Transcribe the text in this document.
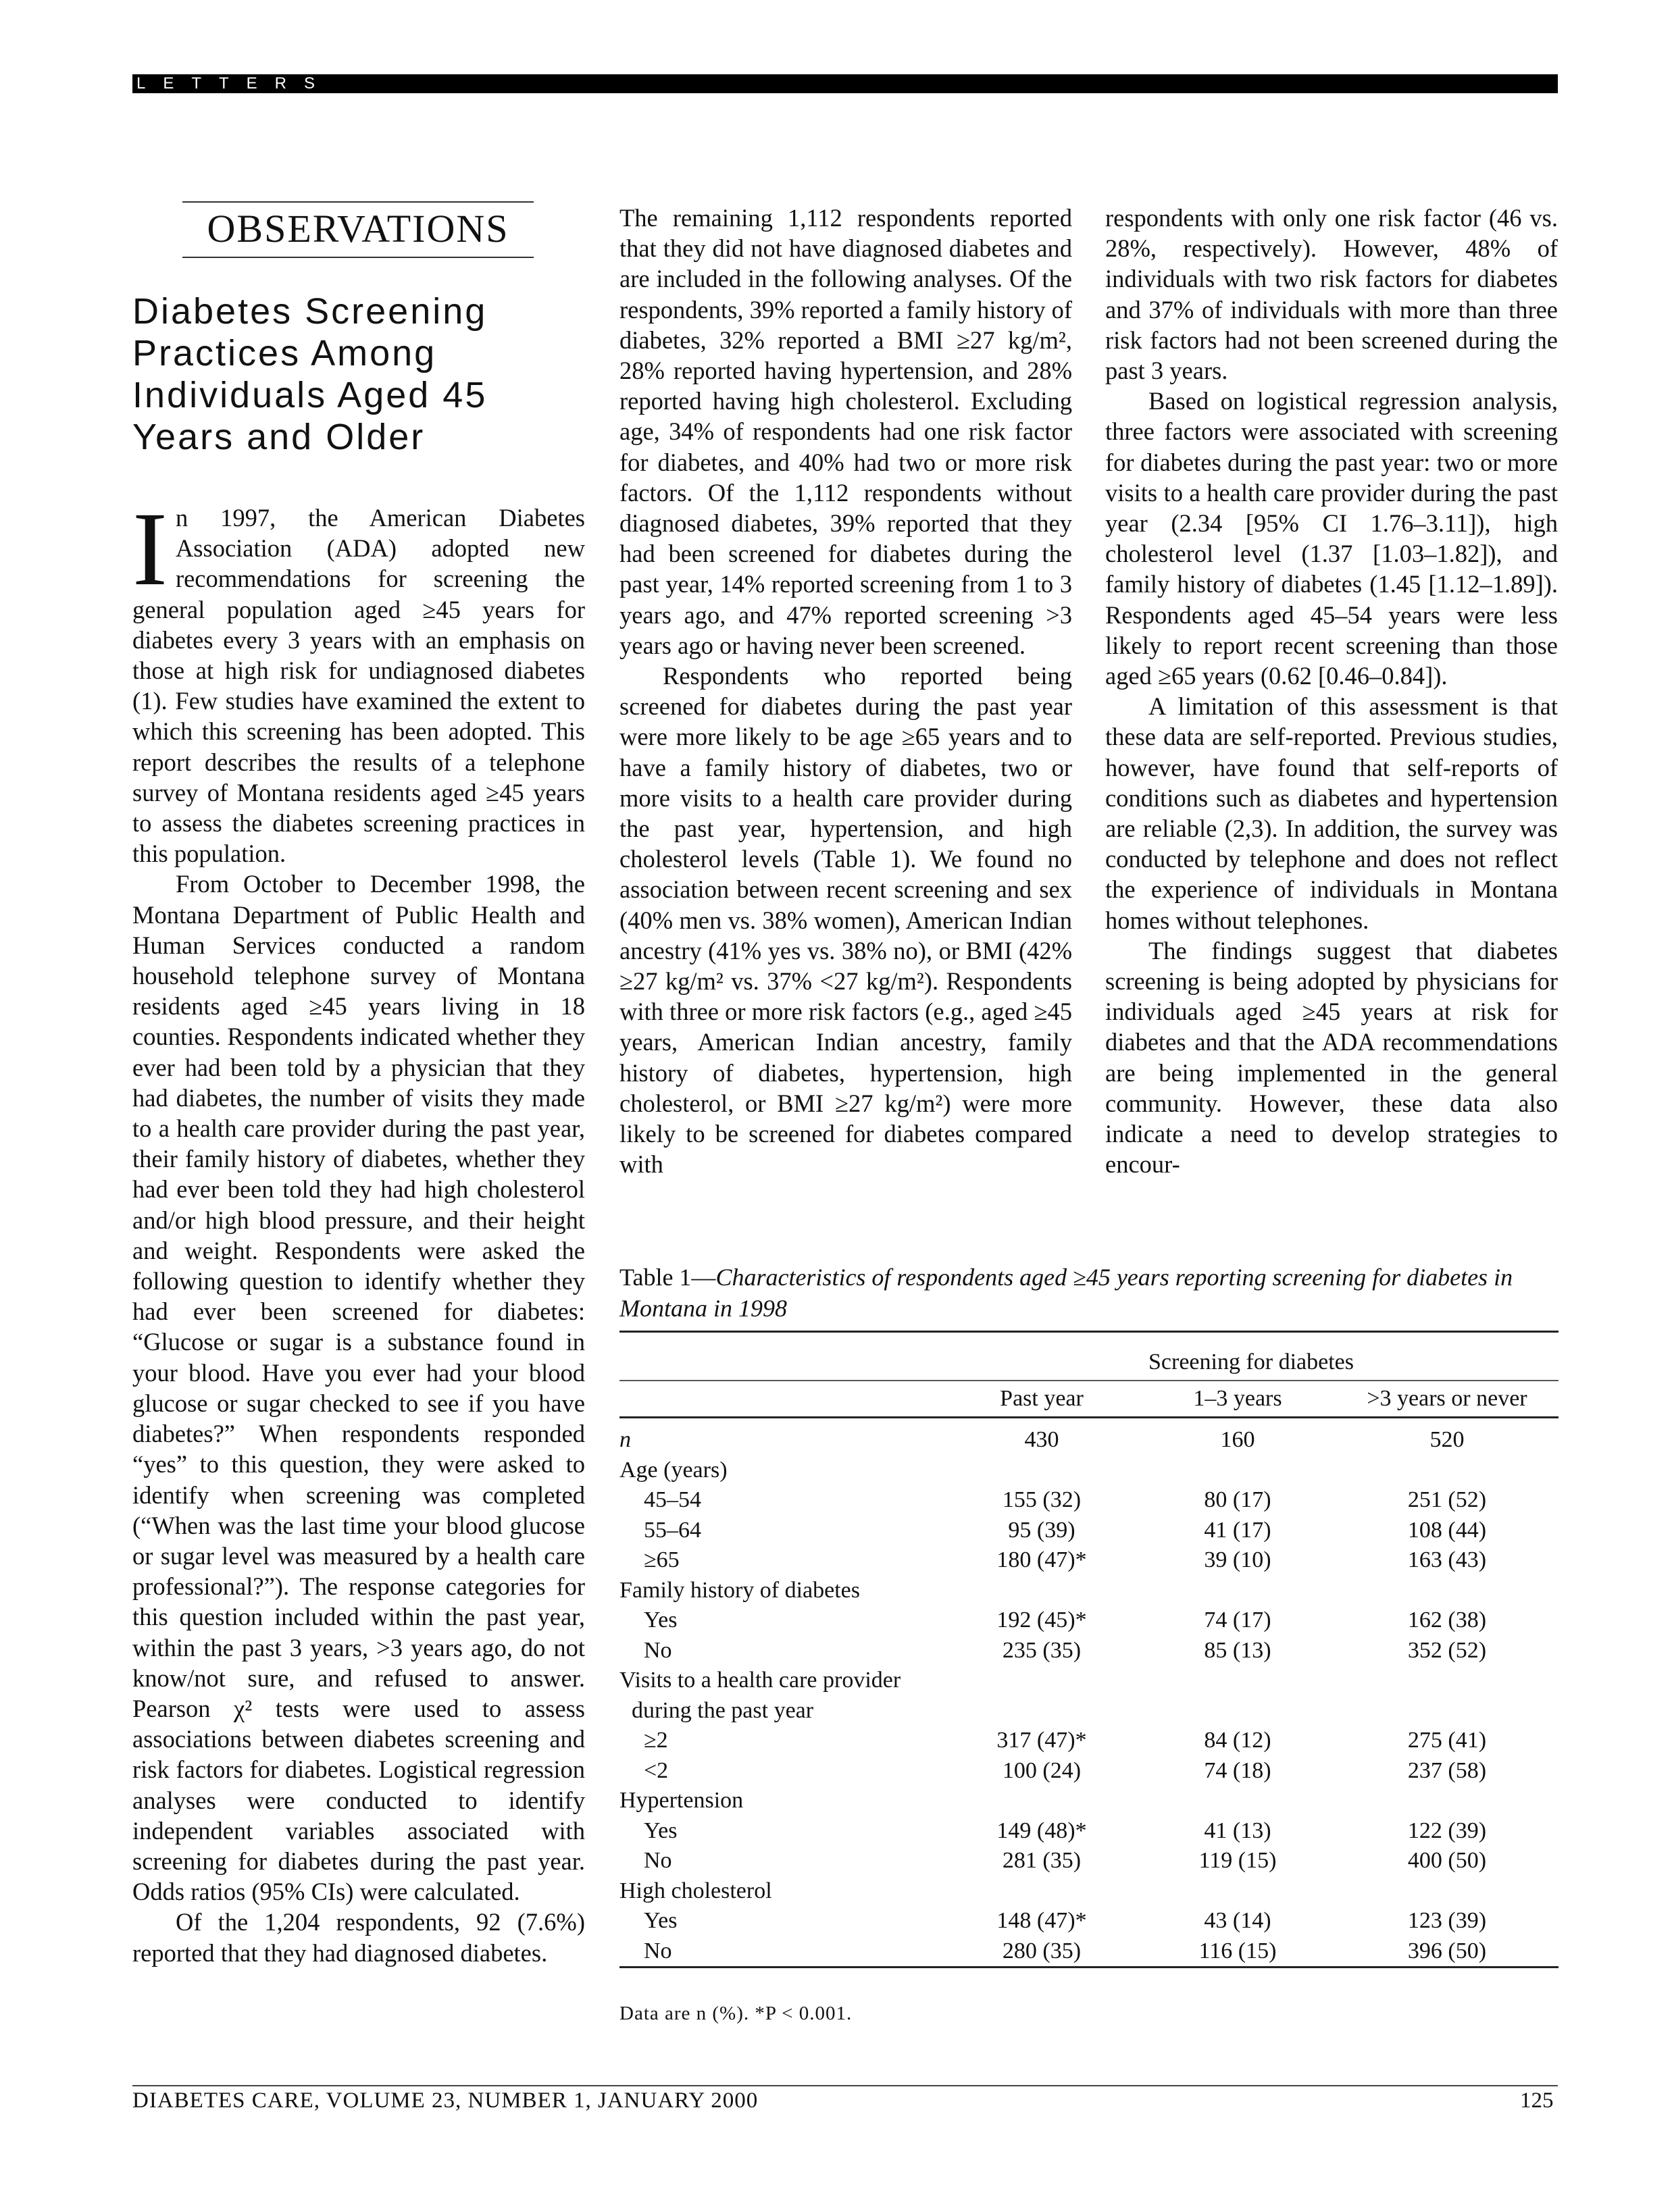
LETTERS
OBSERVATIONS
Diabetes Screening Practices Among Individuals Aged 45 Years and Older

In 1997, the American Diabetes Association (ADA) adopted new recommendations for screening the general population aged ≥45 years for diabetes every 3 years with an emphasis on those at high risk for undiagnosed diabetes (1). Few studies have examined the extent to which this screening has been adopted. This report describes the results of a telephone survey of Montana residents aged ≥45 years to assess the diabetes screening practices in this population.

From October to December 1998, the Montana Department of Public Health and Human Services conducted a random household telephone survey of Montana residents aged ≥45 years living in 18 counties. Respondents indicated whether they ever had been told by a physician that they had diabetes, the number of visits they made to a health care provider during the past year, their family history of diabetes, whether they had ever been told they had high cholesterol and/or high blood pressure, and their height and weight. Respondents were asked the following question to identify whether they had ever been screened for diabetes: “Glucose or sugar is a substance found in your blood. Have you ever had your blood glucose or sugar checked to see if you have diabetes?” When respondents responded “yes” to this question, they were asked to identify when screening was completed (“When was the last time your blood glucose or sugar level was measured by a health care professional?”). The response categories for this question included within the past year, within the past 3 years, >3 years ago, do not know/not sure, and refused to answer. Pearson χ² tests were used to assess associations between diabetes screening and risk factors for diabetes. Logistical regression analyses were conducted to identify independent variables associated with screening for diabetes during the past year. Odds ratios (95% CIs) were calculated.

Of the 1,204 respondents, 92 (7.6%) reported that they had diagnosed diabetes.

The remaining 1,112 respondents reported that they did not have diagnosed diabetes and are included in the following analyses. Of the respondents, 39% reported a family history of diabetes, 32% reported a BMI ≥27 kg/m², 28% reported having hypertension, and 28% reported having high cholesterol. Excluding age, 34% of respondents had one risk factor for diabetes, and 40% had two or more risk factors. Of the 1,112 respondents without diagnosed diabetes, 39% reported that they had been screened for diabetes during the past year, 14% reported screening from 1 to 3 years ago, and 47% reported screening >3 years ago or having never been screened.

Respondents who reported being screened for diabetes during the past year were more likely to be age ≥65 years and to have a family history of diabetes, two or more visits to a health care provider during the past year, hypertension, and high cholesterol levels (Table 1). We found no association between recent screening and sex (40% men vs. 38% women), American Indian ancestry (41% yes vs. 38% no), or BMI (42% ≥27 kg/m² vs. 37% <27 kg/m²). Respondents with three or more risk factors (e.g., aged ≥45 years, American Indian ancestry, family history of diabetes, hypertension, high cholesterol, or BMI ≥27 kg/m²) were more likely to be screened for diabetes compared with

respondents with only one risk factor (46 vs. 28%, respectively). However, 48% of individuals with two risk factors for diabetes and 37% of individuals with more than three risk factors had not been screened during the past 3 years.

Based on logistical regression analysis, three factors were associated with screening for diabetes during the past year: two or more visits to a health care provider during the past year (2.34 [95% CI 1.76–3.11]), high cholesterol level (1.37 [1.03–1.82]), and family history of diabetes (1.45 [1.12–1.89]). Respondents aged 45–54 years were less likely to report recent screening than those aged ≥65 years (0.62 [0.46–0.84]).

A limitation of this assessment is that these data are self-reported. Previous studies, however, have found that self-reports of conditions such as diabetes and hypertension are reliable (2,3). In addition, the survey was conducted by telephone and does not reflect the experience of individuals in Montana homes without telephones.

The findings suggest that diabetes screening is being adopted by physicians for individuals aged ≥45 years at risk for diabetes and that the ADA recommendations are being implemented in the general community. However, these data also indicate a need to develop strategies to encour-

Table 1—Characteristics of respondents aged ≥45 years reporting screening for diabetes in Montana in 1998
	Screening for diabetes		
	Past year	1–3 years	>3 years or never
n	430	160	520
Age (years)			
45–54	155 (32)	80 (17)	251 (52)
55–64	95 (39)	41 (17)	108 (44)
≥65	180 (47)*	39 (10)	163 (43)
Family history of diabetes			
Yes	192 (45)*	74 (17)	162 (38)
No	235 (35)	85 (13)	352 (52)
Visits to a health care provider			
during the past year			
≥2	317 (47)*	84 (12)	275 (41)
<2	100 (24)	74 (18)	237 (58)
Hypertension			
Yes	149 (48)*	41 (13)	122 (39)
No	281 (35)	119 (15)	400 (50)
High cholesterol			
Yes	148 (47)*	43 (14)	123 (39)
No	280 (35)	116 (15)	396 (50)
Data are n (%). *P < 0.001.
DIABETES CARE, VOLUME 23, NUMBER 1, JANUARY 2000	125
